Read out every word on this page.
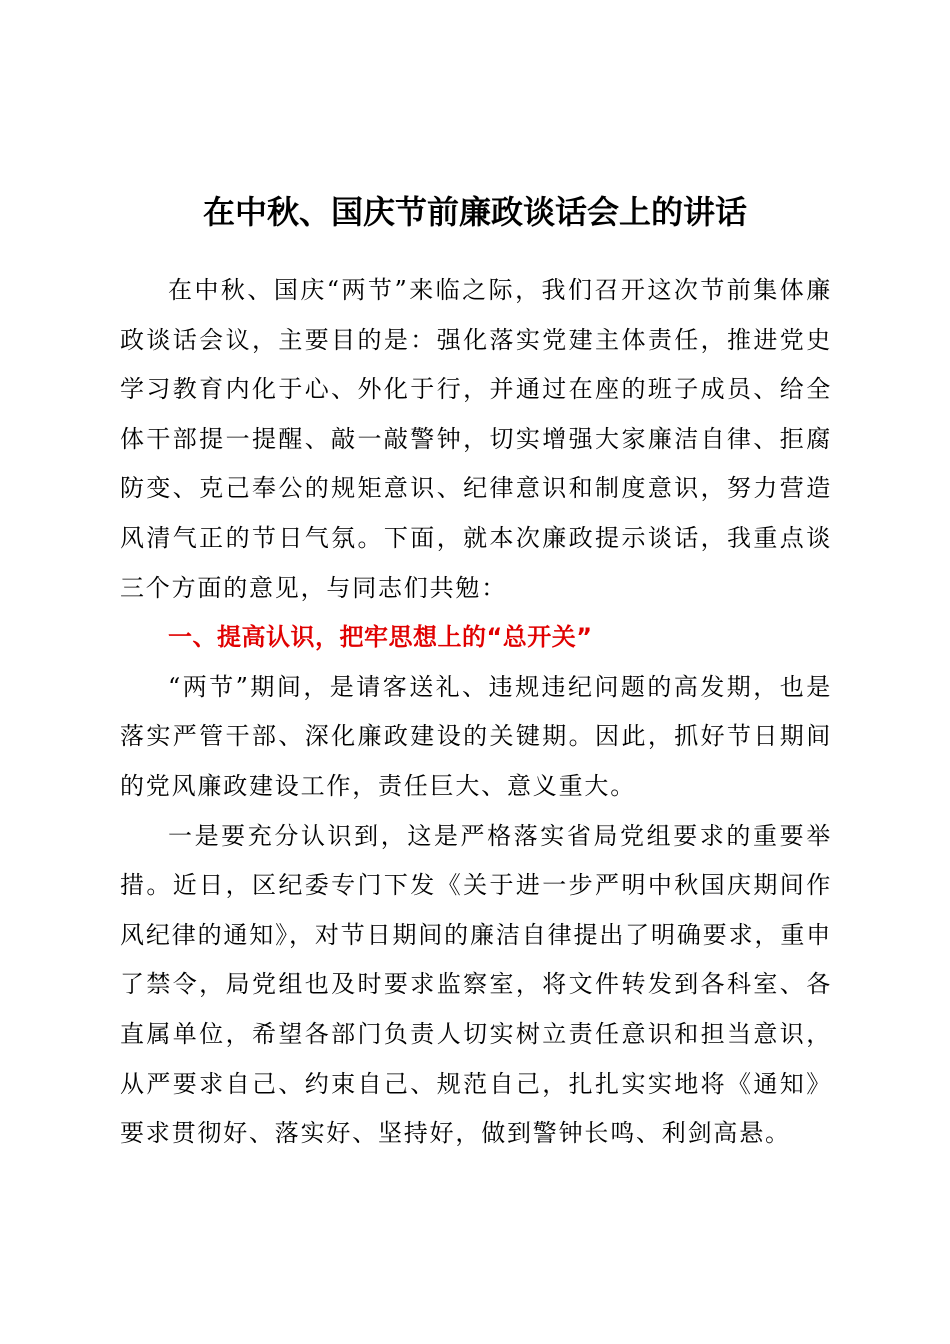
在中秋、国庆节前廉政谈话会上的讲话

在中秋、国庆“两节”来临之际，我们召开这次节前集体廉政谈话会议，主要目的是：强化落实党建主体责任，推进党史学习教育内化于心、外化于行，并通过在座的班子成员、给全体干部提一提醒、敲一敲警钟，切实增强大家廉洁自律、拒腐防变、克己奉公的规矩意识、纪律意识和制度意识，努力营造风清气正的节日气氛。下面，就本次廉政提示谈话，我重点谈三个方面的意见，与同志们共勉：

一、提高认识，把牢思想上的“总开关”

“两节”期间，是请客送礼、违规违纪问题的高发期，也是落实严管干部、深化廉政建设的关键期。因此，抓好节日期间的党风廉政建设工作，责任巨大、意义重大。

一是要充分认识到，这是严格落实省局党组要求的重要举措。近日，区纪委专门下发《关于进一步严明中秋国庆期间作风纪律的通知》，对节日期间的廉洁自律提出了明确要求，重申了禁令，局党组也及时要求监察室，将文件转发到各科室、各直属单位，希望各部门负责人切实树立责任意识和担当意识，从严要求自己、约束自己、规范自己，扎扎实实地将《通知》要求贯彻好、落实好、坚持好，做到警钟长鸣、利剑高悬。
